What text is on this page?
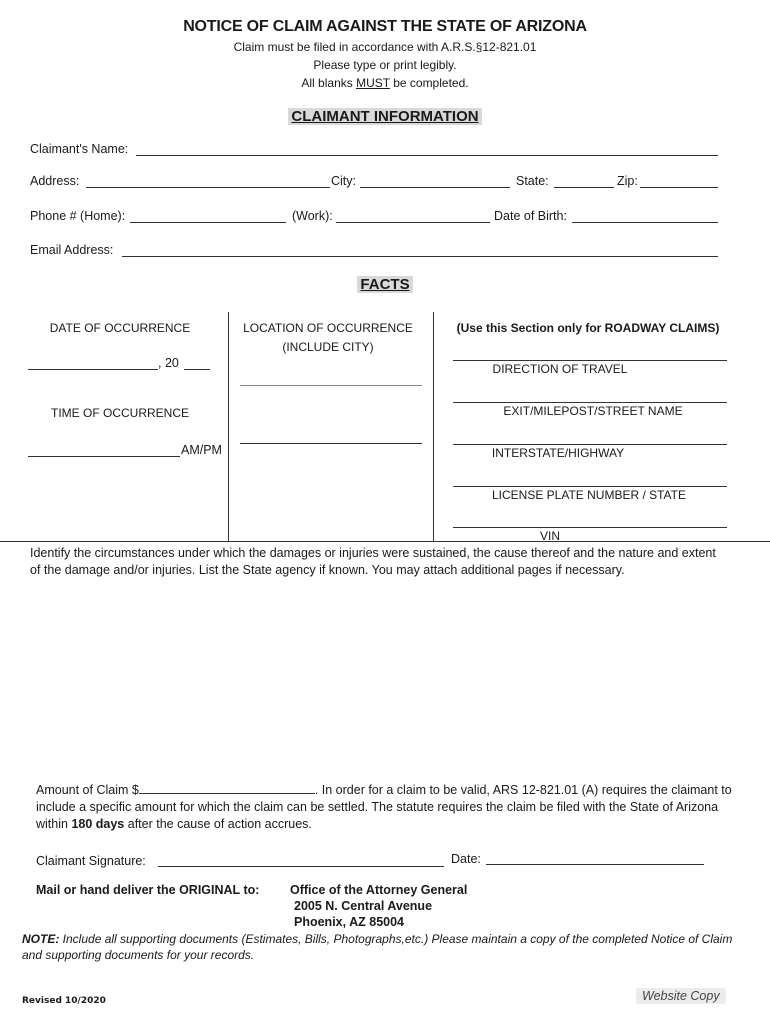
NOTICE OF CLAIM AGAINST THE STATE OF ARIZONA
Claim must be filed in accordance with A.R.S.§12-821.01
Please type or print legibly.
All blanks MUST be completed.
CLAIMANT INFORMATION
Claimant's Name:
Address:	City:	State:	Zip:
Phone # (Home):	(Work):	Date of Birth:
Email Address:
FACTS
DATE OF OCCURRENCE
, 20
TIME OF OCCURRENCE
AM/PM
LOCATION OF OCCURRENCE
(INCLUDE CITY)
(Use this Section only for ROADWAY CLAIMS)
DIRECTION OF TRAVEL
EXIT/MILEPOST/STREET NAME
INTERSTATE/HIGHWAY
LICENSE PLATE NUMBER / STATE
VIN
Identify the circumstances under which the damages or injuries were sustained, the cause thereof and the nature and extent of the damage and/or injuries. List the State agency if known. You may attach additional pages if necessary.
Amount of Claim $	. In order for a claim to be valid, ARS 12-821.01 (A) requires the claimant to include a specific amount for which the claim can be settled. The statute requires the claim be filed with the State of Arizona within 180 days after the cause of action accrues.
Claimant Signature:	Date:
Mail or hand deliver the ORIGINAL to: Office of the Attorney General
2005 N. Central Avenue
Phoenix, AZ 85004
NOTE: Include all supporting documents (Estimates, Bills, Photographs,etc.) Please maintain a copy of the completed Notice of Claim and supporting documents for your records.
Revised 10/2020	Website Copy
